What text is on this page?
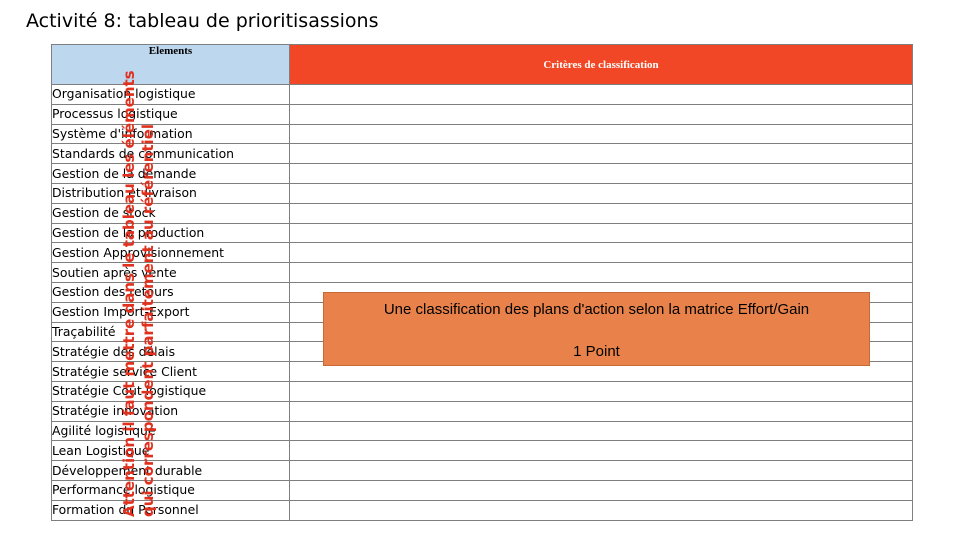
Activité 8: tableau de prioritisassions
Elements	Critères de classification
Organisation logistique	
Processus logistique	
Système d'information	
Standards de communication	
Gestion de la demande	
Distribution et livraison	
Gestion de stock	
Gestion de la production	
Gestion Approvisionnement	
Soutien après vente	
Gestion des retours	
Gestion Import-Export	
Traçabilité	
Stratégie des délais	
Stratégie service Client	
Stratégie Coût logistique	
Stratégie innovation	
Agilité logistique	
Lean Logistique	
Développement durable	
Performance logistique	
Formation du Personnel	
Attention il faut mettre dans le tableau les éléments qui correspondent parfaitement au référentiel	Une classification des plans d'action selon la matrice Effort/Gain
1 Point
